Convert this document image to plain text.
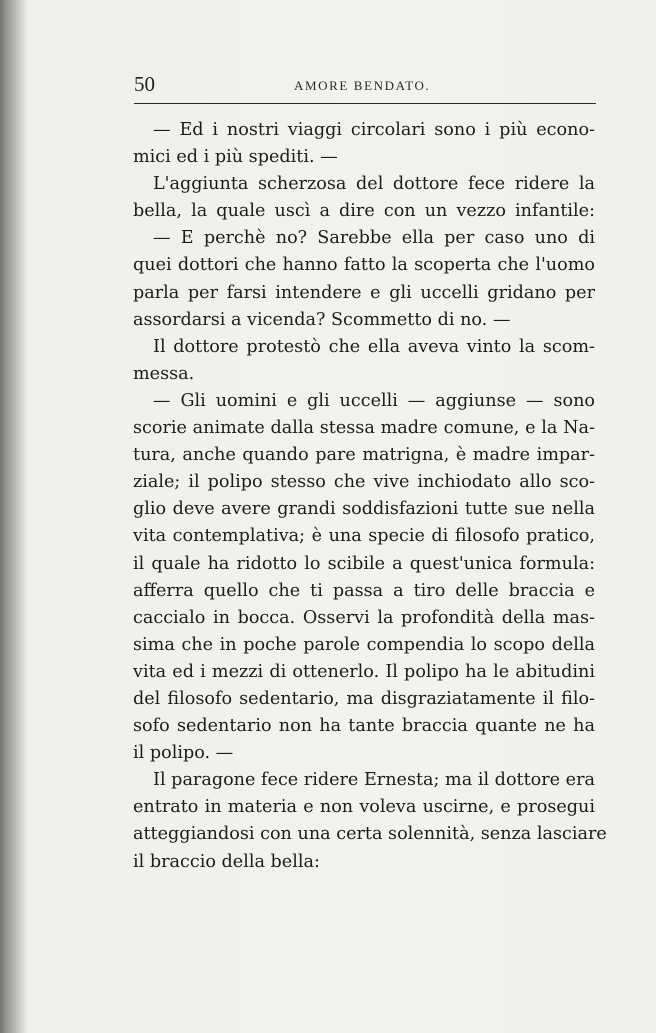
50	AMORE BENDATO.
— Ed i nostri viaggi circolari sono i più econo-
mici ed i più spediti. —
L'aggiunta scherzosa del dottore fece ridere la
bella, la quale uscì a dire con un vezzo infantile:
— E perchè no? Sarebbe ella per caso uno di
quei dottori che hanno fatto la scoperta che l'uomo
parla per farsi intendere e gli uccelli gridano per
assordarsi a vicenda? Scommetto di no. —
Il dottore protestò che ella aveva vinto la scom-
messa.
— Gli uomini e gli uccelli — aggiunse — sono
scorie animate dalla stessa madre comune, e la Na-
tura, anche quando pare matrigna, è madre impar-
ziale; il polipo stesso che vive inchiodato allo sco-
glio deve avere grandi soddisfazioni tutte sue nella
vita contemplativa; è una specie di filosofo pratico,
il quale ha ridotto lo scibile a quest'unica formula:
afferra quello che ti passa a tiro delle braccia e
caccialo in bocca. Osservi la profondità della mas-
sima che in poche parole compendia lo scopo della
vita ed i mezzi di ottenerlo. Il polipo ha le abitudini
del filosofo sedentario, ma disgraziatamente il filo-
sofo sedentario non ha tante braccia quante ne ha
il polipo. —
Il paragone fece ridere Ernesta; ma il dottore era
entrato in materia e non voleva uscirne, e prosegui
atteggiandosi con una certa solennità, senza lasciare
il braccio della bella:
